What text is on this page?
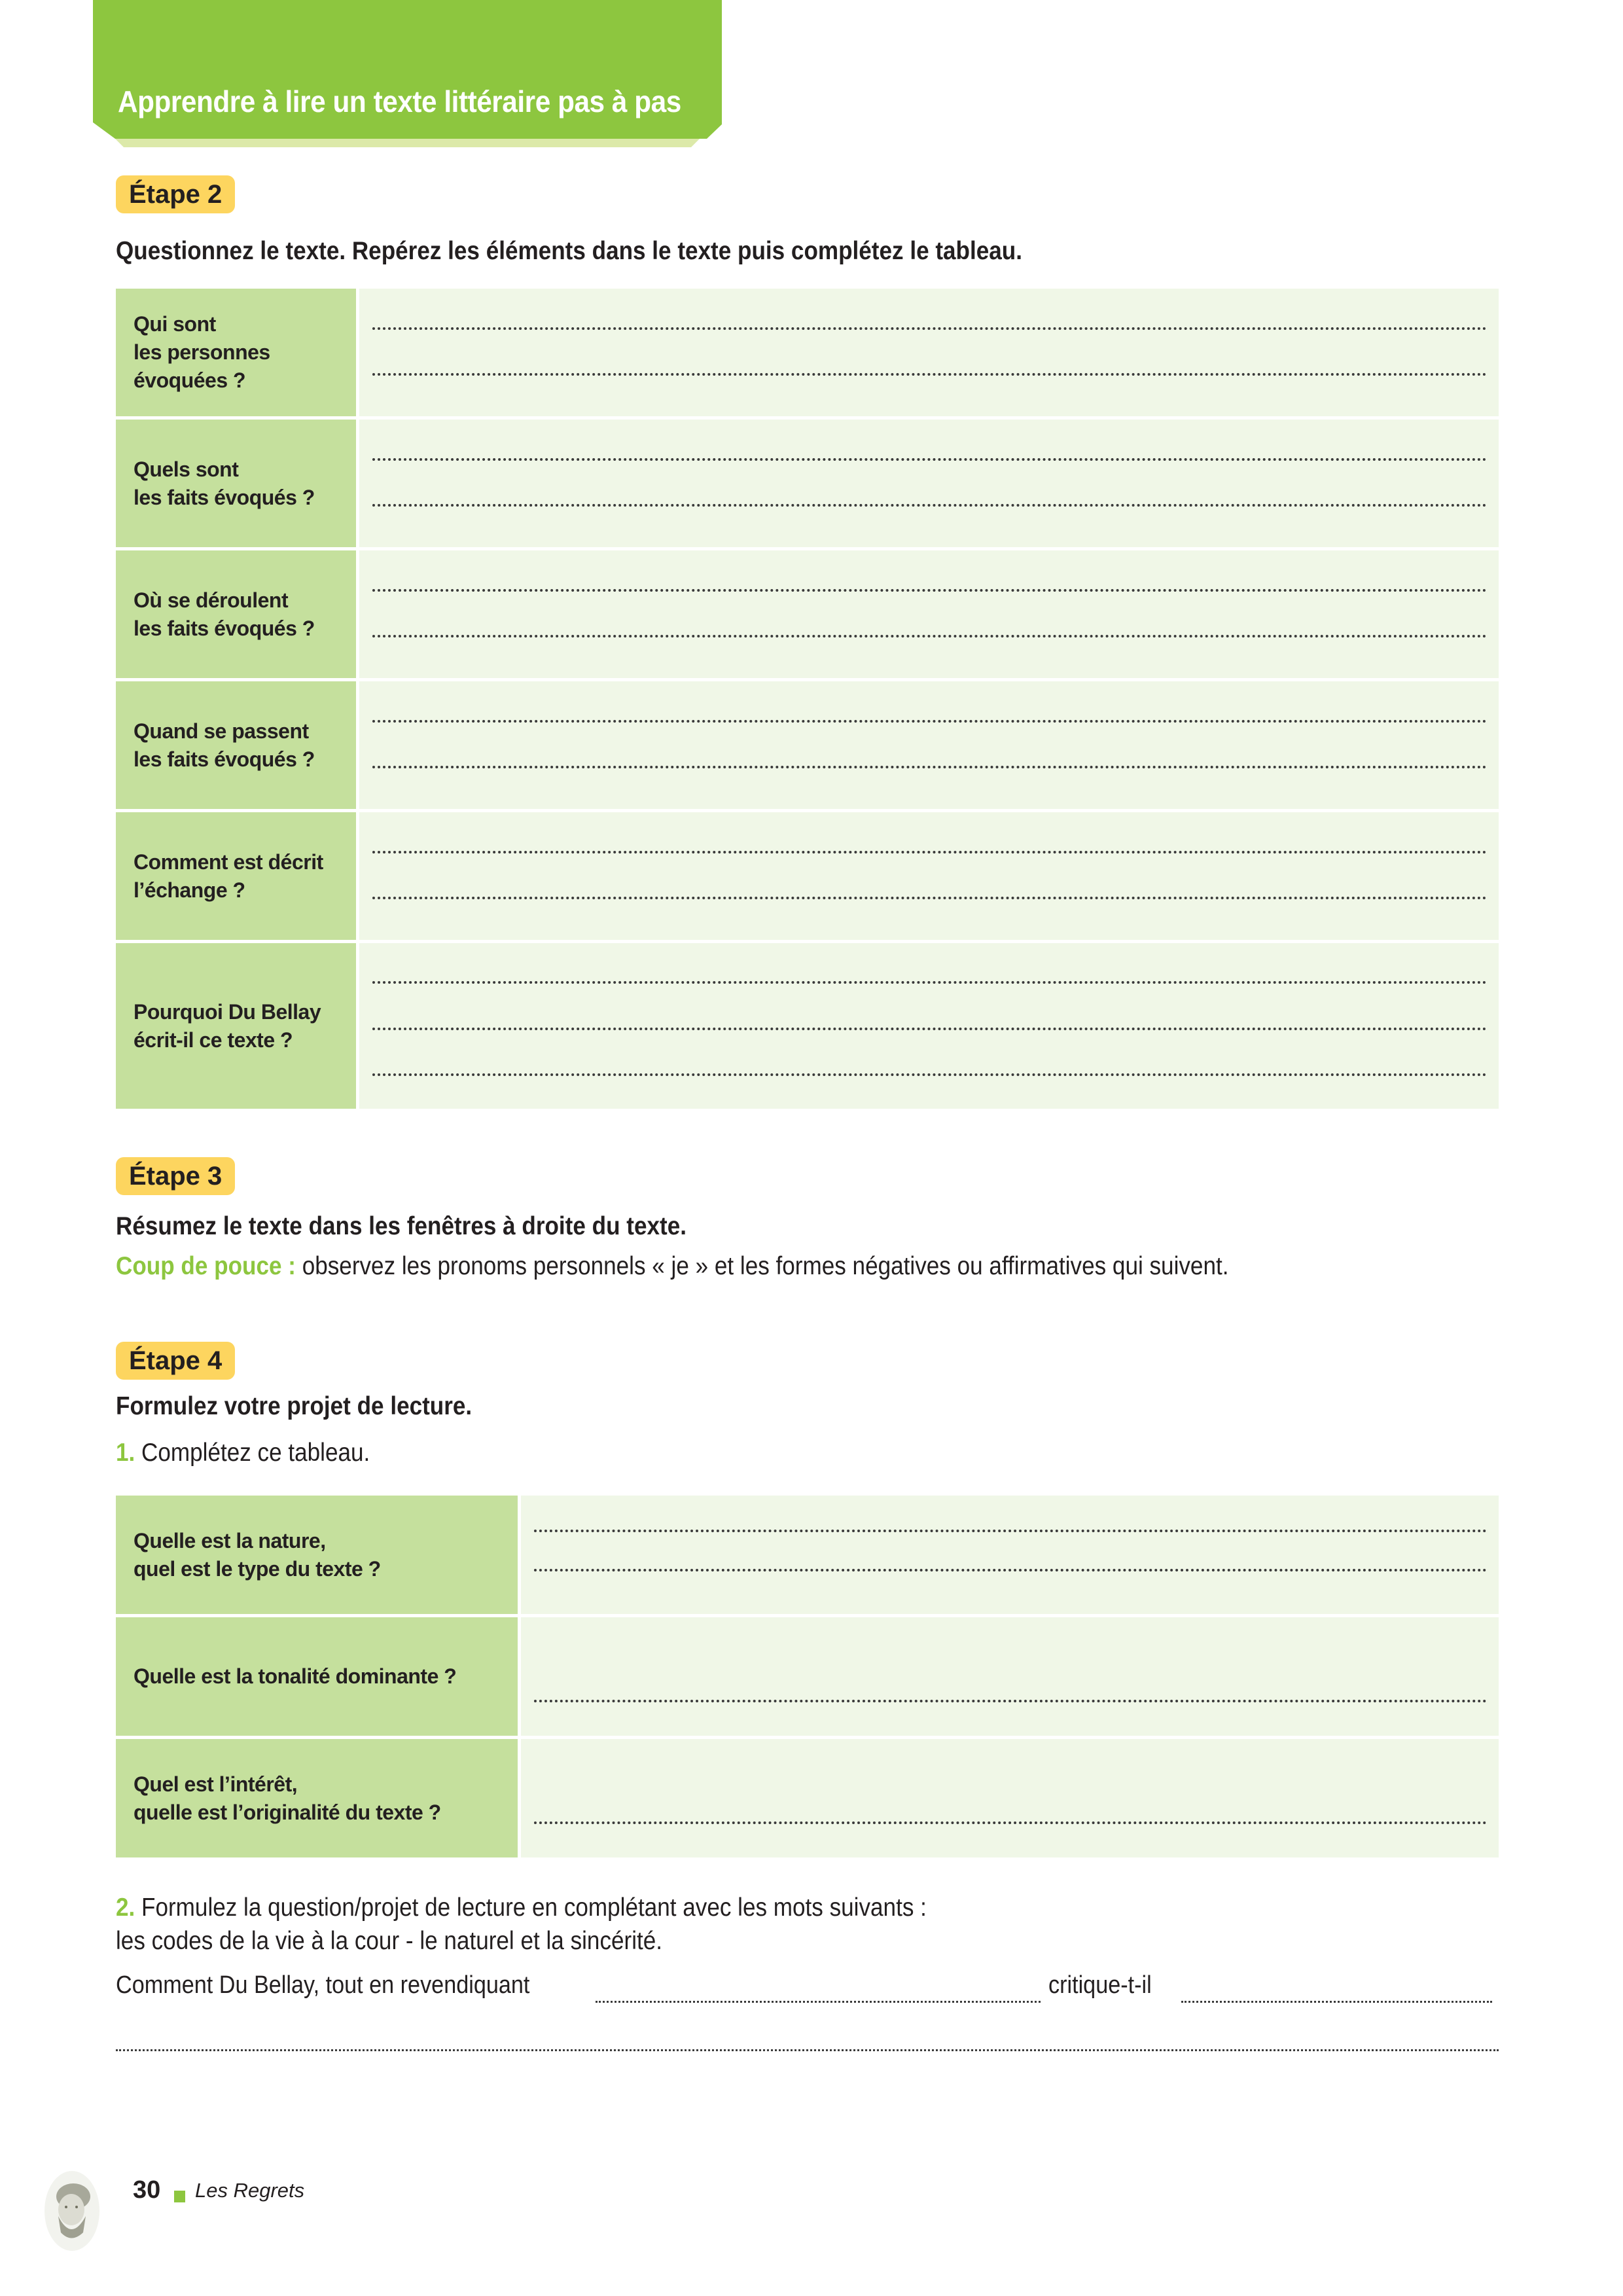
Apprendre à lire un texte littéraire pas à pas
Étape 2
Questionnez le texte. Repérez les éléments dans le texte puis complétez le tableau.
Qui sont
les personnes
évoquées ?
Quels sont
les faits évoqués ?
Où se déroulent
les faits évoqués ?
Quand se passent
les faits évoqués ?
Comment est décrit
l’échange ?
Pourquoi Du Bellay
écrit-il ce texte ?
Étape 3
Résumez le texte dans les fenêtres à droite du texte.
Coup de pouce : observez les pronoms personnels « je » et les formes négatives ou affirmatives qui suivent.
Étape 4
Formulez votre projet de lecture.
1. Complétez ce tableau.
Quelle est la nature,
quel est le type du texte ?
Quelle est la tonalité dominante ?
Quel est l’intérêt,
quelle est l’originalité du texte ?
2. Formulez la question/projet de lecture en complétant avec les mots suivants :
les codes de la vie à la cour - le naturel et la sincérité.
Comment Du Bellay, tout en revendiquant	critique-t-il
30 Les Regrets
